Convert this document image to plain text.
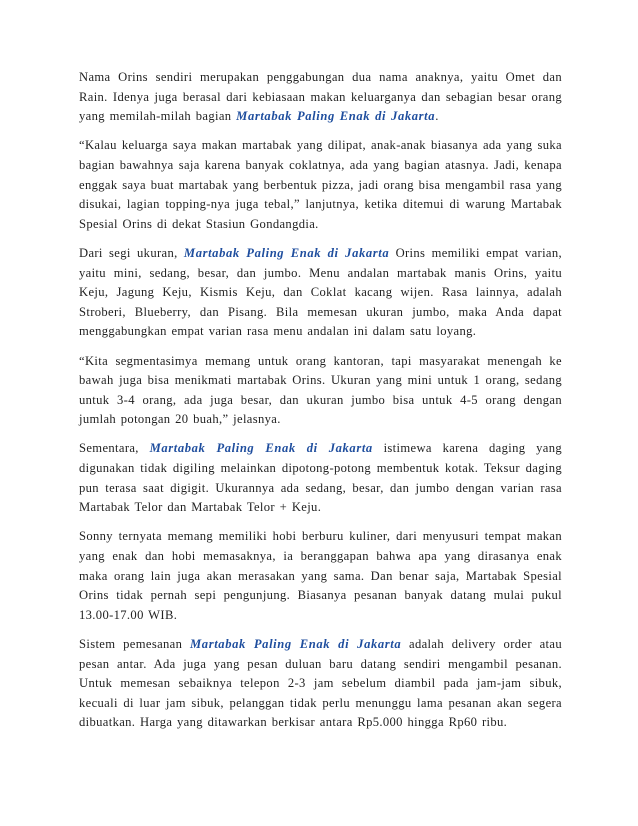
Nama Orins sendiri merupakan penggabungan dua nama anaknya, yaitu Omet dan Rain. Idenya juga berasal dari kebiasaan makan keluarganya dan sebagian besar orang yang memilah-milah bagian Martabak Paling Enak di Jakarta.

“Kalau keluarga saya makan martabak yang dilipat, anak-anak biasanya ada yang suka bagian bawahnya saja karena banyak coklatnya, ada yang bagian atasnya. Jadi, kenapa enggak saya buat martabak yang berbentuk pizza, jadi orang bisa mengambil rasa yang disukai, lagian topping-nya juga tebal,” lanjutnya, ketika ditemui di warung Martabak Spesial Orins di dekat Stasiun Gondangdia.

Dari segi ukuran, Martabak Paling Enak di Jakarta Orins memiliki empat varian, yaitu mini, sedang, besar, dan jumbo. Menu andalan martabak manis Orins, yaitu Keju, Jagung Keju, Kismis Keju, dan Coklat kacang wijen. Rasa lainnya, adalah Stroberi, Blueberry, dan Pisang. Bila memesan ukuran jumbo, maka Anda dapat menggabungkan empat varian rasa menu andalan ini dalam satu loyang.

“Kita segmentasimya memang untuk orang kantoran, tapi masyarakat menengah ke bawah juga bisa menikmati martabak Orins. Ukuran yang mini untuk 1 orang, sedang untuk 3-4 orang, ada juga besar, dan ukuran jumbo bisa untuk 4-5 orang dengan jumlah potongan 20 buah,” jelasnya.

Sementara, Martabak Paling Enak di Jakarta istimewa karena daging yang digunakan tidak digiling melainkan dipotong-potong membentuk kotak. Teksur daging pun terasa saat digigit. Ukurannya ada sedang, besar, dan jumbo dengan varian rasa Martabak Telor dan Martabak Telor + Keju.

Sonny ternyata memang memiliki hobi berburu kuliner, dari menyusuri tempat makan yang enak dan hobi memasaknya, ia beranggapan bahwa apa yang dirasanya enak maka orang lain juga akan merasakan yang sama. Dan benar saja, Martabak Spesial Orins tidak pernah sepi pengunjung. Biasanya pesanan banyak datang mulai pukul 13.00-17.00 WIB.

Sistem pemesanan Martabak Paling Enak di Jakarta adalah delivery order atau pesan antar. Ada juga yang pesan duluan baru datang sendiri mengambil pesanan. Untuk memesan sebaiknya telepon 2-3 jam sebelum diambil pada jam-jam sibuk, kecuali di luar jam sibuk, pelanggan tidak perlu menunggu lama pesanan akan segera dibuatkan. Harga yang ditawarkan berkisar antara Rp5.000 hingga Rp60 ribu.
